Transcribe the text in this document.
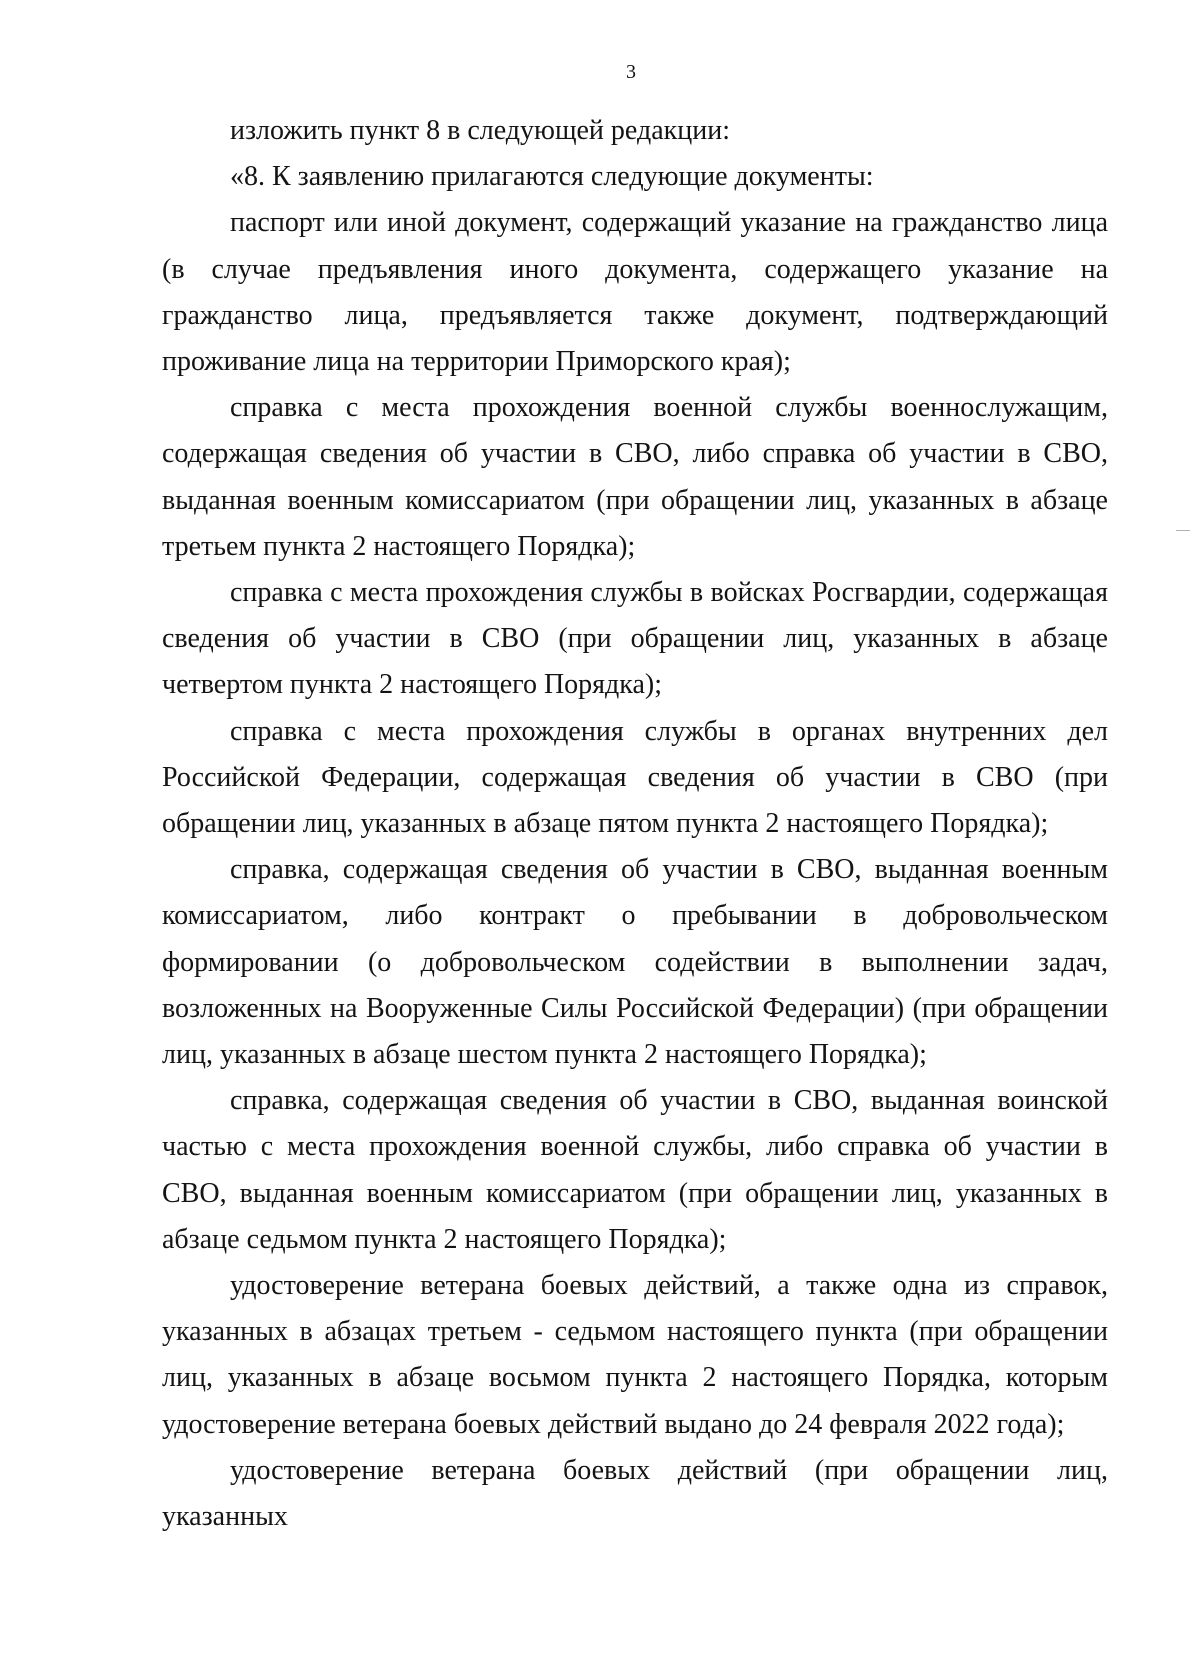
3

изложить пункт 8 в следующей редакции:

«8. К заявлению прилагаются следующие документы:

паспорт или иной документ, содержащий указание на гражданство лица (в случае предъявления иного документа, содержащего указание на гражданство лица, предъявляется также документ, подтверждающий проживание лица на территории Приморского края);

справка с места прохождения военной службы военнослужащим, содержащая сведения об участии в СВО, либо справка об участии в СВО, выданная военным комиссариатом (при обращении лиц, указанных в абзаце третьем пункта 2 настоящего Порядка);

справка с места прохождения службы в войсках Росгвардии, содержащая сведения об участии в СВО (при обращении лиц, указанных в абзаце четвертом пункта 2 настоящего Порядка);

справка с места прохождения службы в органах внутренних дел Российской Федерации, содержащая сведения об участии в СВО (при обращении лиц, указанных в абзаце пятом пункта 2 настоящего Порядка);

справка, содержащая сведения об участии в СВО, выданная военным комиссариатом, либо контракт о пребывании в добровольческом формировании (о добровольческом содействии в выполнении задач, возложенных на Вооруженные Силы Российской Федерации) (при обращении лиц, указанных в абзаце шестом пункта 2 настоящего Порядка);

справка, содержащая сведения об участии в СВО, выданная воинской частью с места прохождения военной службы, либо справка об участии в СВО, выданная военным комиссариатом (при обращении лиц, указанных в абзаце седьмом пункта 2 настоящего Порядка);

удостоверение ветерана боевых действий, а также одна из справок, указанных в абзацах третьем - седьмом настоящего пункта (при обращении лиц, указанных в абзаце восьмом пункта 2 настоящего Порядка, которым удостоверение ветерана боевых действий выдано до 24 февраля 2022 года);

удостоверение ветерана боевых действий (при обращении лиц, указанных
